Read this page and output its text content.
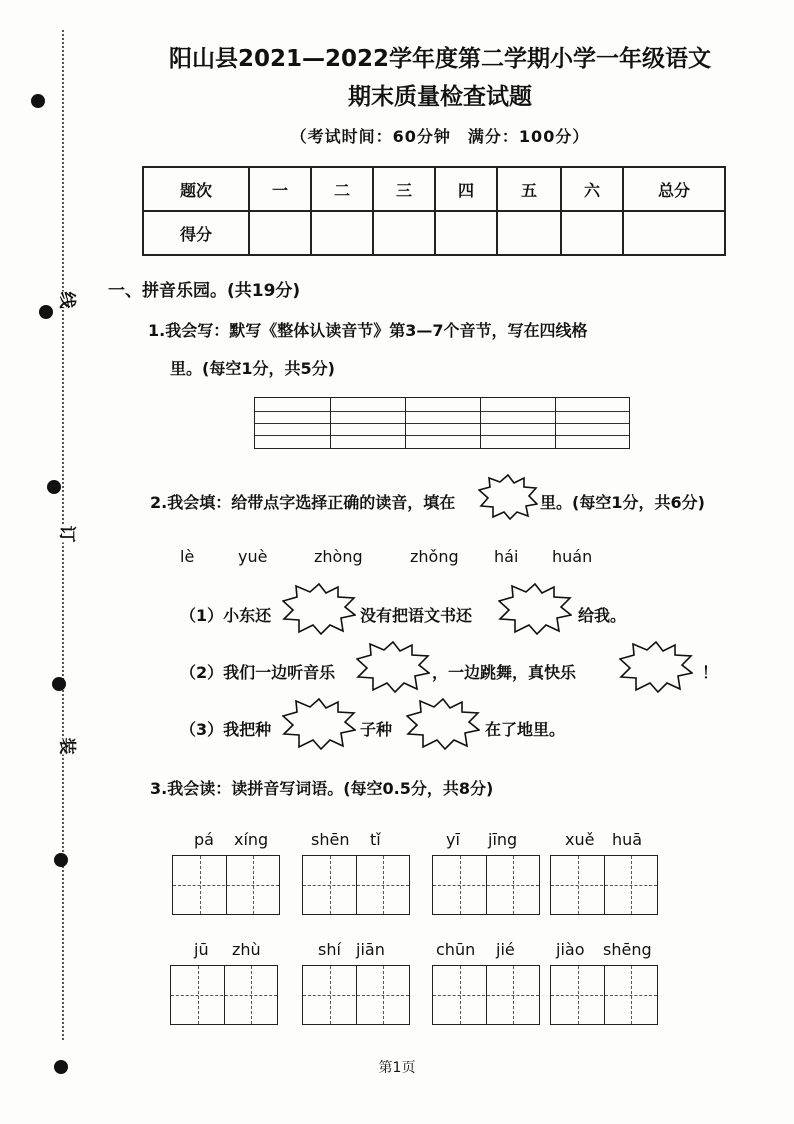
线
订
装
阳山县2021—2022学年度第二学期小学一年级语文
期末质量检查试题
（考试时间：60分钟　满分：100分）
题次	一	二	三	四	五	六	总分
得分							
一、拼音乐园。(共19分)
1.我会写：默写《整体认读音节》第3—7个音节，写在四线格
里。(每空1分，共5分)
2.我会填：给带点字选择正确的读音，填在	里。(每空1分，共6分)
lè	yuè	zhòng	zhǒng hái huán
（1）小东还	没有把语文书还	给我。
（2）我们一边听音乐	，一边跳舞，真快乐	！
（3）我把种	子种	在了地里。
3.我会读：读拼音写词语。(每空0.5分，共8分)
pá xíng	shēn tǐ	yī jīng	xuě huā
jū zhù	shí jiān	chūn jié	jiào shēng
第1页
